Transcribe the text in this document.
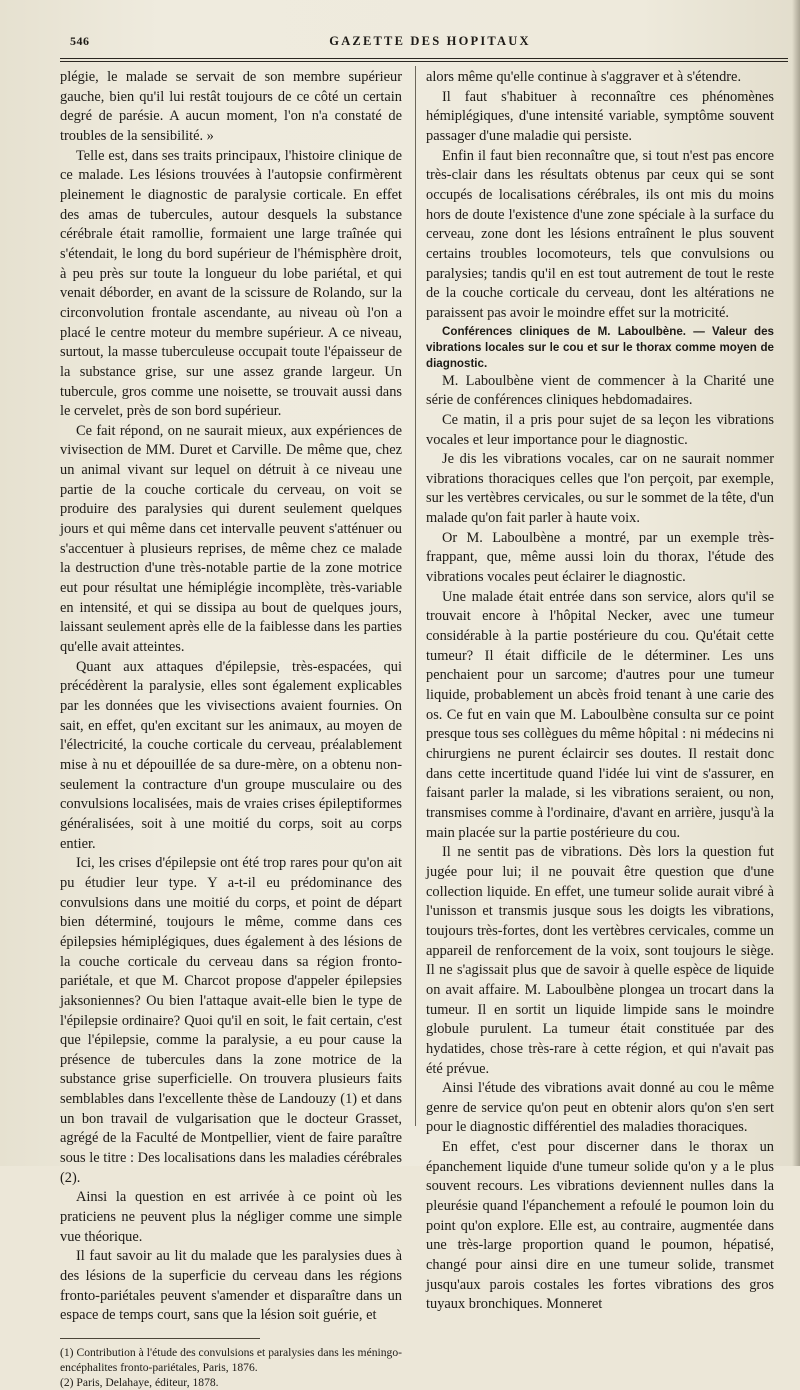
546	GAZETTE DES HOPITAUX

plégie, le malade se servait de son membre supérieur gauche, bien qu'il lui restât toujours de ce côté un certain degré de parésie. A aucun moment, l'on n'a constaté de troubles de la sensibilité. »

Telle est, dans ses traits principaux, l'histoire clinique de ce malade. Les lésions trouvées à l'autopsie confirmèrent pleinement le diagnostic de paralysie corticale. En effet des amas de tubercules, autour desquels la substance cérébrale était ramollie, formaient une large traînée qui s'étendait, le long du bord supérieur de l'hémisphère droit, à peu près sur toute la longueur du lobe pariétal, et qui venait déborder, en avant de la scissure de Rolando, sur la circonvolution frontale ascendante, au niveau où l'on a placé le centre moteur du membre supérieur. A ce niveau, surtout, la masse tuberculeuse occupait toute l'épaisseur de la substance grise, sur une assez grande largeur. Un tubercule, gros comme une noisette, se trouvait aussi dans le cervelet, près de son bord supérieur.

Ce fait répond, on ne saurait mieux, aux expériences de vivisection de MM. Duret et Carville. De même que, chez un animal vivant sur lequel on détruit à ce niveau une partie de la couche corticale du cerveau, on voit se produire des paralysies qui durent seulement quelques jours et qui même dans cet intervalle peuvent s'atténuer ou s'accentuer à plusieurs reprises, de même chez ce malade la destruction d'une très-notable partie de la zone motrice eut pour résultat une hémiplégie incomplète, très-variable en intensité, et qui se dissipa au bout de quelques jours, laissant seulement après elle de la faiblesse dans les parties qu'elle avait atteintes.

Quant aux attaques d'épilepsie, très-espacées, qui précédèrent la paralysie, elles sont également explicables par les données que les vivisections avaient fournies. On sait, en effet, qu'en excitant sur les animaux, au moyen de l'électricité, la couche corticale du cerveau, préalablement mise à nu et dépouillée de sa dure-mère, on a obtenu non-seulement la contracture d'un groupe musculaire ou des convulsions localisées, mais de vraies crises épileptiformes généralisées, soit à une moitié du corps, soit au corps entier.

Ici, les crises d'épilepsie ont été trop rares pour qu'on ait pu étudier leur type. Y a-t-il eu prédominance des convulsions dans une moitié du corps, et point de départ bien déterminé, toujours le même, comme dans ces épilepsies hémiplégiques, dues également à des lésions de la couche corticale du cerveau dans sa région fronto-pariétale, et que M. Charcot propose d'appeler épilepsies jaksoniennes? Ou bien l'attaque avait-elle bien le type de l'épilepsie ordinaire? Quoi qu'il en soit, le fait certain, c'est que l'épilepsie, comme la paralysie, a eu pour cause la présence de tubercules dans la zone motrice de la substance grise superficielle. On trouvera plusieurs faits semblables dans l'excellente thèse de Landouzy (1) et dans un bon travail de vulgarisation que le docteur Grasset, agrégé de la Faculté de Montpellier, vient de faire paraître sous le titre : Des localisations dans les maladies cérébrales (2).

Ainsi la question en est arrivée à ce point où les praticiens ne peuvent plus la négliger comme une simple vue théorique.

Il faut savoir au lit du malade que les paralysies dues à des lésions de la superficie du cerveau dans les régions fronto-pariétales peuvent s'amender et disparaître dans un espace de temps court, sans que la lésion soit guérie, et

(1) Contribution à l'étude des convulsions et paralysies dans les méningo-encéphalites fronto-pariétales, Paris, 1876.

(2) Paris, Delahaye, éditeur, 1878.

alors même qu'elle continue à s'aggraver et à s'étendre.

Il faut s'habituer à reconnaître ces phénomènes hémiplégiques, d'une intensité variable, symptôme souvent passager d'une maladie qui persiste.

Enfin il faut bien reconnaître que, si tout n'est pas encore très-clair dans les résultats obtenus par ceux qui se sont occupés de localisations cérébrales, ils ont mis du moins hors de doute l'existence d'une zone spéciale à la surface du cerveau, zone dont les lésions entraînent le plus souvent certains troubles locomoteurs, tels que convulsions ou paralysies; tandis qu'il en est tout autrement de tout le reste de la couche corticale du cerveau, dont les altérations ne paraissent pas avoir le moindre effet sur la motricité.

Conférences cliniques de M. Laboulbène. — Valeur des vibrations locales sur le cou et sur le thorax comme moyen de diagnostic.

M. Laboulbène vient de commencer à la Charité une série de conférences cliniques hebdomadaires.

Ce matin, il a pris pour sujet de sa leçon les vibrations vocales et leur importance pour le diagnostic.

Je dis les vibrations vocales, car on ne saurait nommer vibrations thoraciques celles que l'on perçoit, par exemple, sur les vertèbres cervicales, ou sur le sommet de la tête, d'un malade qu'on fait parler à haute voix.

Or M. Laboulbène a montré, par un exemple très-frappant, que, même aussi loin du thorax, l'étude des vibrations vocales peut éclairer le diagnostic.

Une malade était entrée dans son service, alors qu'il se trouvait encore à l'hôpital Necker, avec une tumeur considérable à la partie postérieure du cou. Qu'était cette tumeur? Il était difficile de le déterminer. Les uns penchaient pour un sarcome; d'autres pour une tumeur liquide, probablement un abcès froid tenant à une carie des os. Ce fut en vain que M. Laboulbène consulta sur ce point presque tous ses collègues du même hôpital : ni médecins ni chirurgiens ne purent éclaircir ses doutes. Il restait donc dans cette incertitude quand l'idée lui vint de s'assurer, en faisant parler la malade, si les vibrations seraient, ou non, transmises comme à l'ordinaire, d'avant en arrière, jusqu'à la main placée sur la partie postérieure du cou.

Il ne sentit pas de vibrations. Dès lors la question fut jugée pour lui; il ne pouvait être question que d'une collection liquide. En effet, une tumeur solide aurait vibré à l'unisson et transmis jusque sous les doigts les vibrations, toujours très-fortes, dont les vertèbres cervicales, comme un appareil de renforcement de la voix, sont toujours le siège. Il ne s'agissait plus que de savoir à quelle espèce de liquide on avait affaire. M. Laboulbène plongea un trocart dans la tumeur. Il en sortit un liquide limpide sans le moindre globule purulent. La tumeur était constituée par des hydatides, chose très-rare à cette région, et qui n'avait pas été prévue.

Ainsi l'étude des vibrations avait donné au cou le même genre de service qu'on peut en obtenir alors qu'on s'en sert pour le diagnostic différentiel des maladies thoraciques.

En effet, c'est pour discerner dans le thorax un épanchement liquide d'une tumeur solide qu'on y a le plus souvent recours. Les vibrations deviennent nulles dans la pleurésie quand l'épanchement a refoulé le poumon loin du point qu'on explore. Elle est, au contraire, augmentée dans une très-large proportion quand le poumon, hépatisé, changé pour ainsi dire en une tumeur solide, transmet jusqu'aux parois costales les fortes vibrations des gros tuyaux bronchiques. Monneret
